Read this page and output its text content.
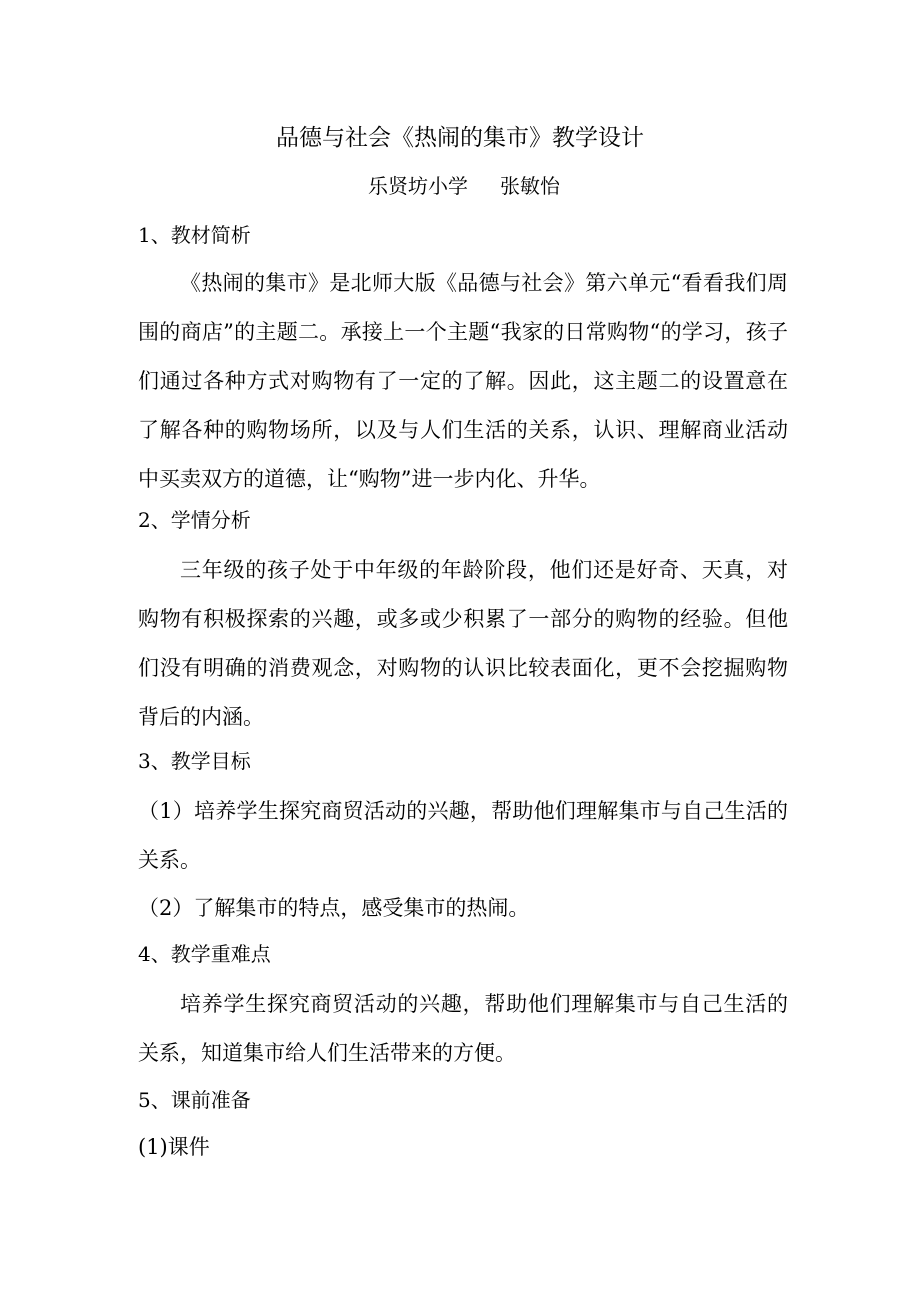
品德与社会《热闹的集市》教学设计
乐贤坊小学 张敏怡
1、教材简析
《热闹的集市》是北师大版《品德与社会》第六单元“看看我们周围的商店”的主题二。承接上一个主题“我家的日常购物“的学习，孩子们通过各种方式对购物有了一定的了解。因此，这主题二的设置意在了解各种的购物场所，以及与人们生活的关系，认识、理解商业活动中买卖双方的道德，让“购物”进一步内化、升华。
2、学情分析
三年级的孩子处于中年级的年龄阶段，他们还是好奇、天真，对购物有积极探索的兴趣，或多或少积累了一部分的购物的经验。但他们没有明确的消费观念，对购物的认识比较表面化，更不会挖掘购物背后的内涵。
3、教学目标
（1）培养学生探究商贸活动的兴趣，帮助他们理解集市与自己生活的关系。
（2）了解集市的特点，感受集市的热闹。
4、教学重难点
培养学生探究商贸活动的兴趣，帮助他们理解集市与自己生活的关系，知道集市给人们生活带来的方便。
5、课前准备
(1)课件
